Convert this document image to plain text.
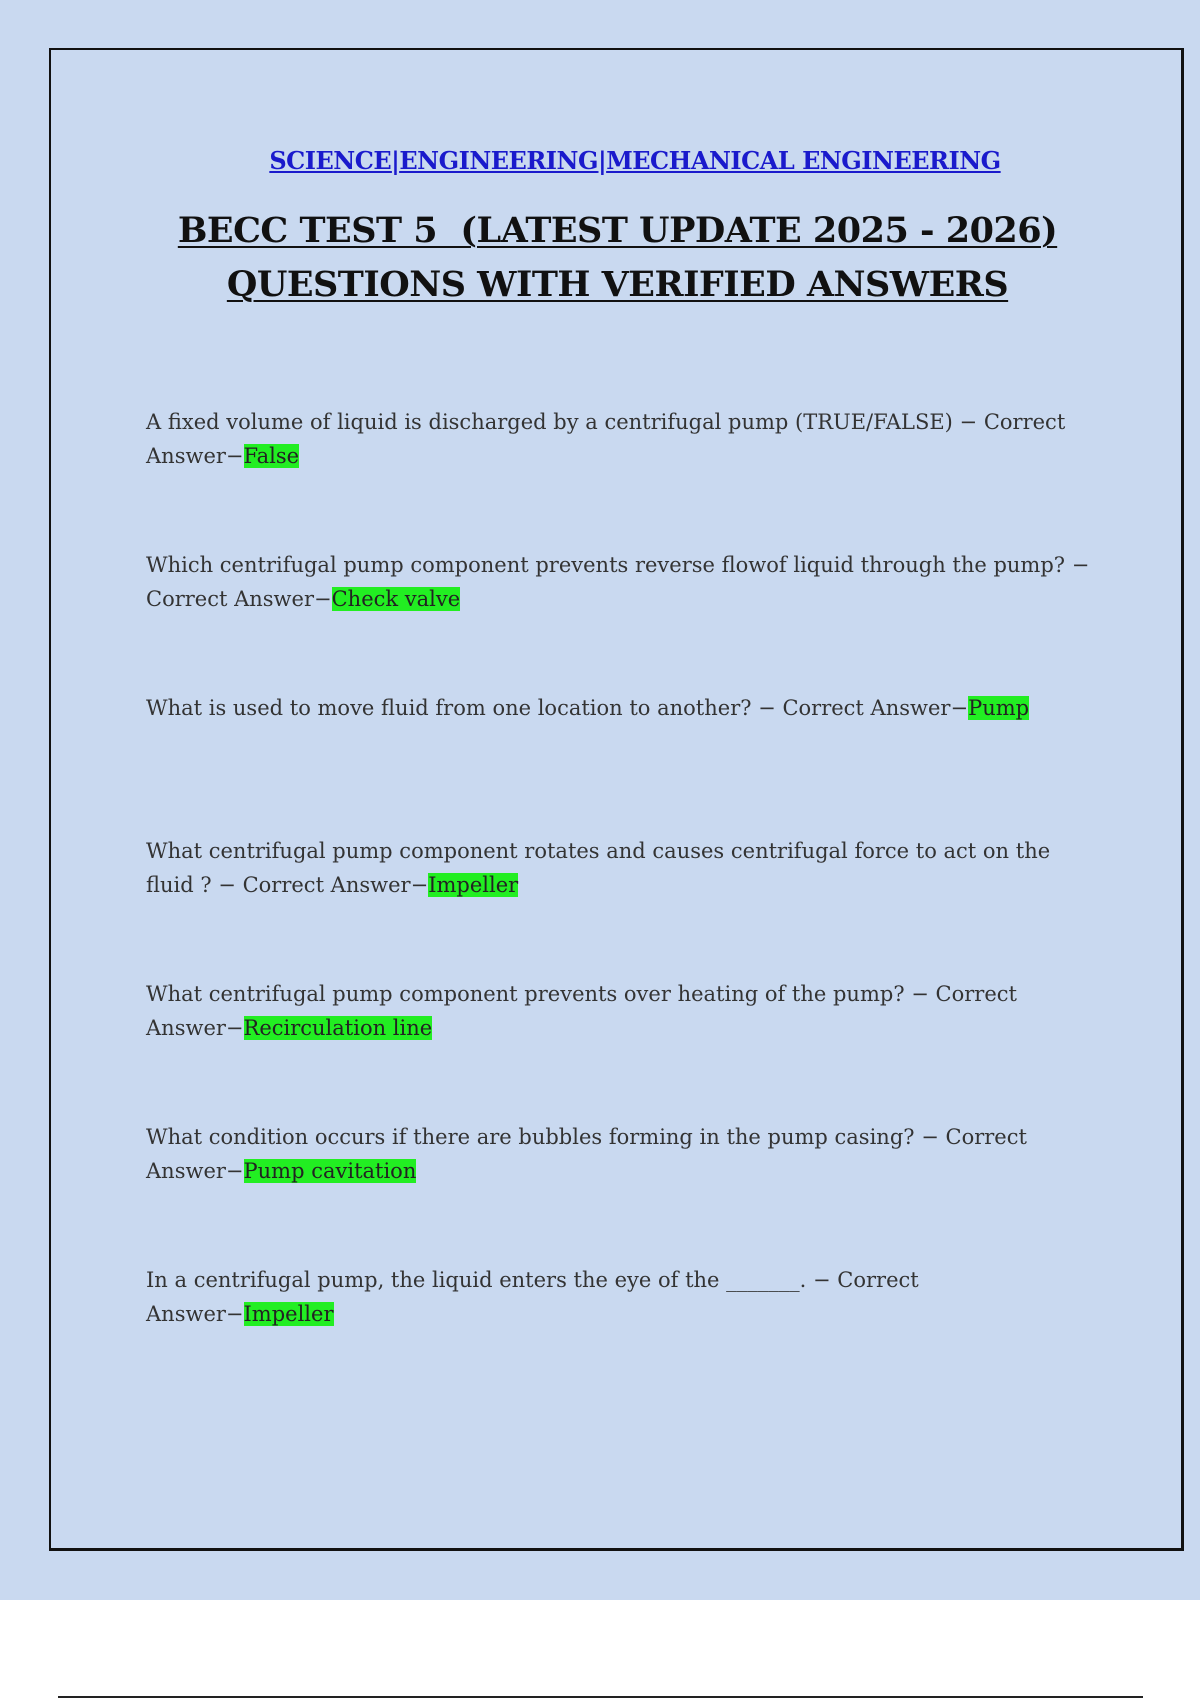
SCIENCE|ENGINEERING|MECHANICAL ENGINEERING
BECC TEST 5  (LATEST UPDATE 2025 - 2026)
QUESTIONS WITH VERIFIED ANSWERS
A fixed volume of liquid is discharged by a centrifugal pump (TRUE/FALSE) − Correct Answer−False
Which centrifugal pump component prevents reverse flowof liquid through the pump? − Correct Answer−Check valve
What is used to move fluid from one location to another? − Correct Answer−Pump
What centrifugal pump component rotates and causes centrifugal force to act on the fluid ? − Correct Answer−Impeller
What centrifugal pump component prevents over heating of the pump? − Correct Answer−Recirculation line
What condition occurs if there are bubbles forming in the pump casing? − Correct Answer−Pump cavitation
In a centrifugal pump, the liquid enters the eye of the _______. − Correct Answer−Impeller
